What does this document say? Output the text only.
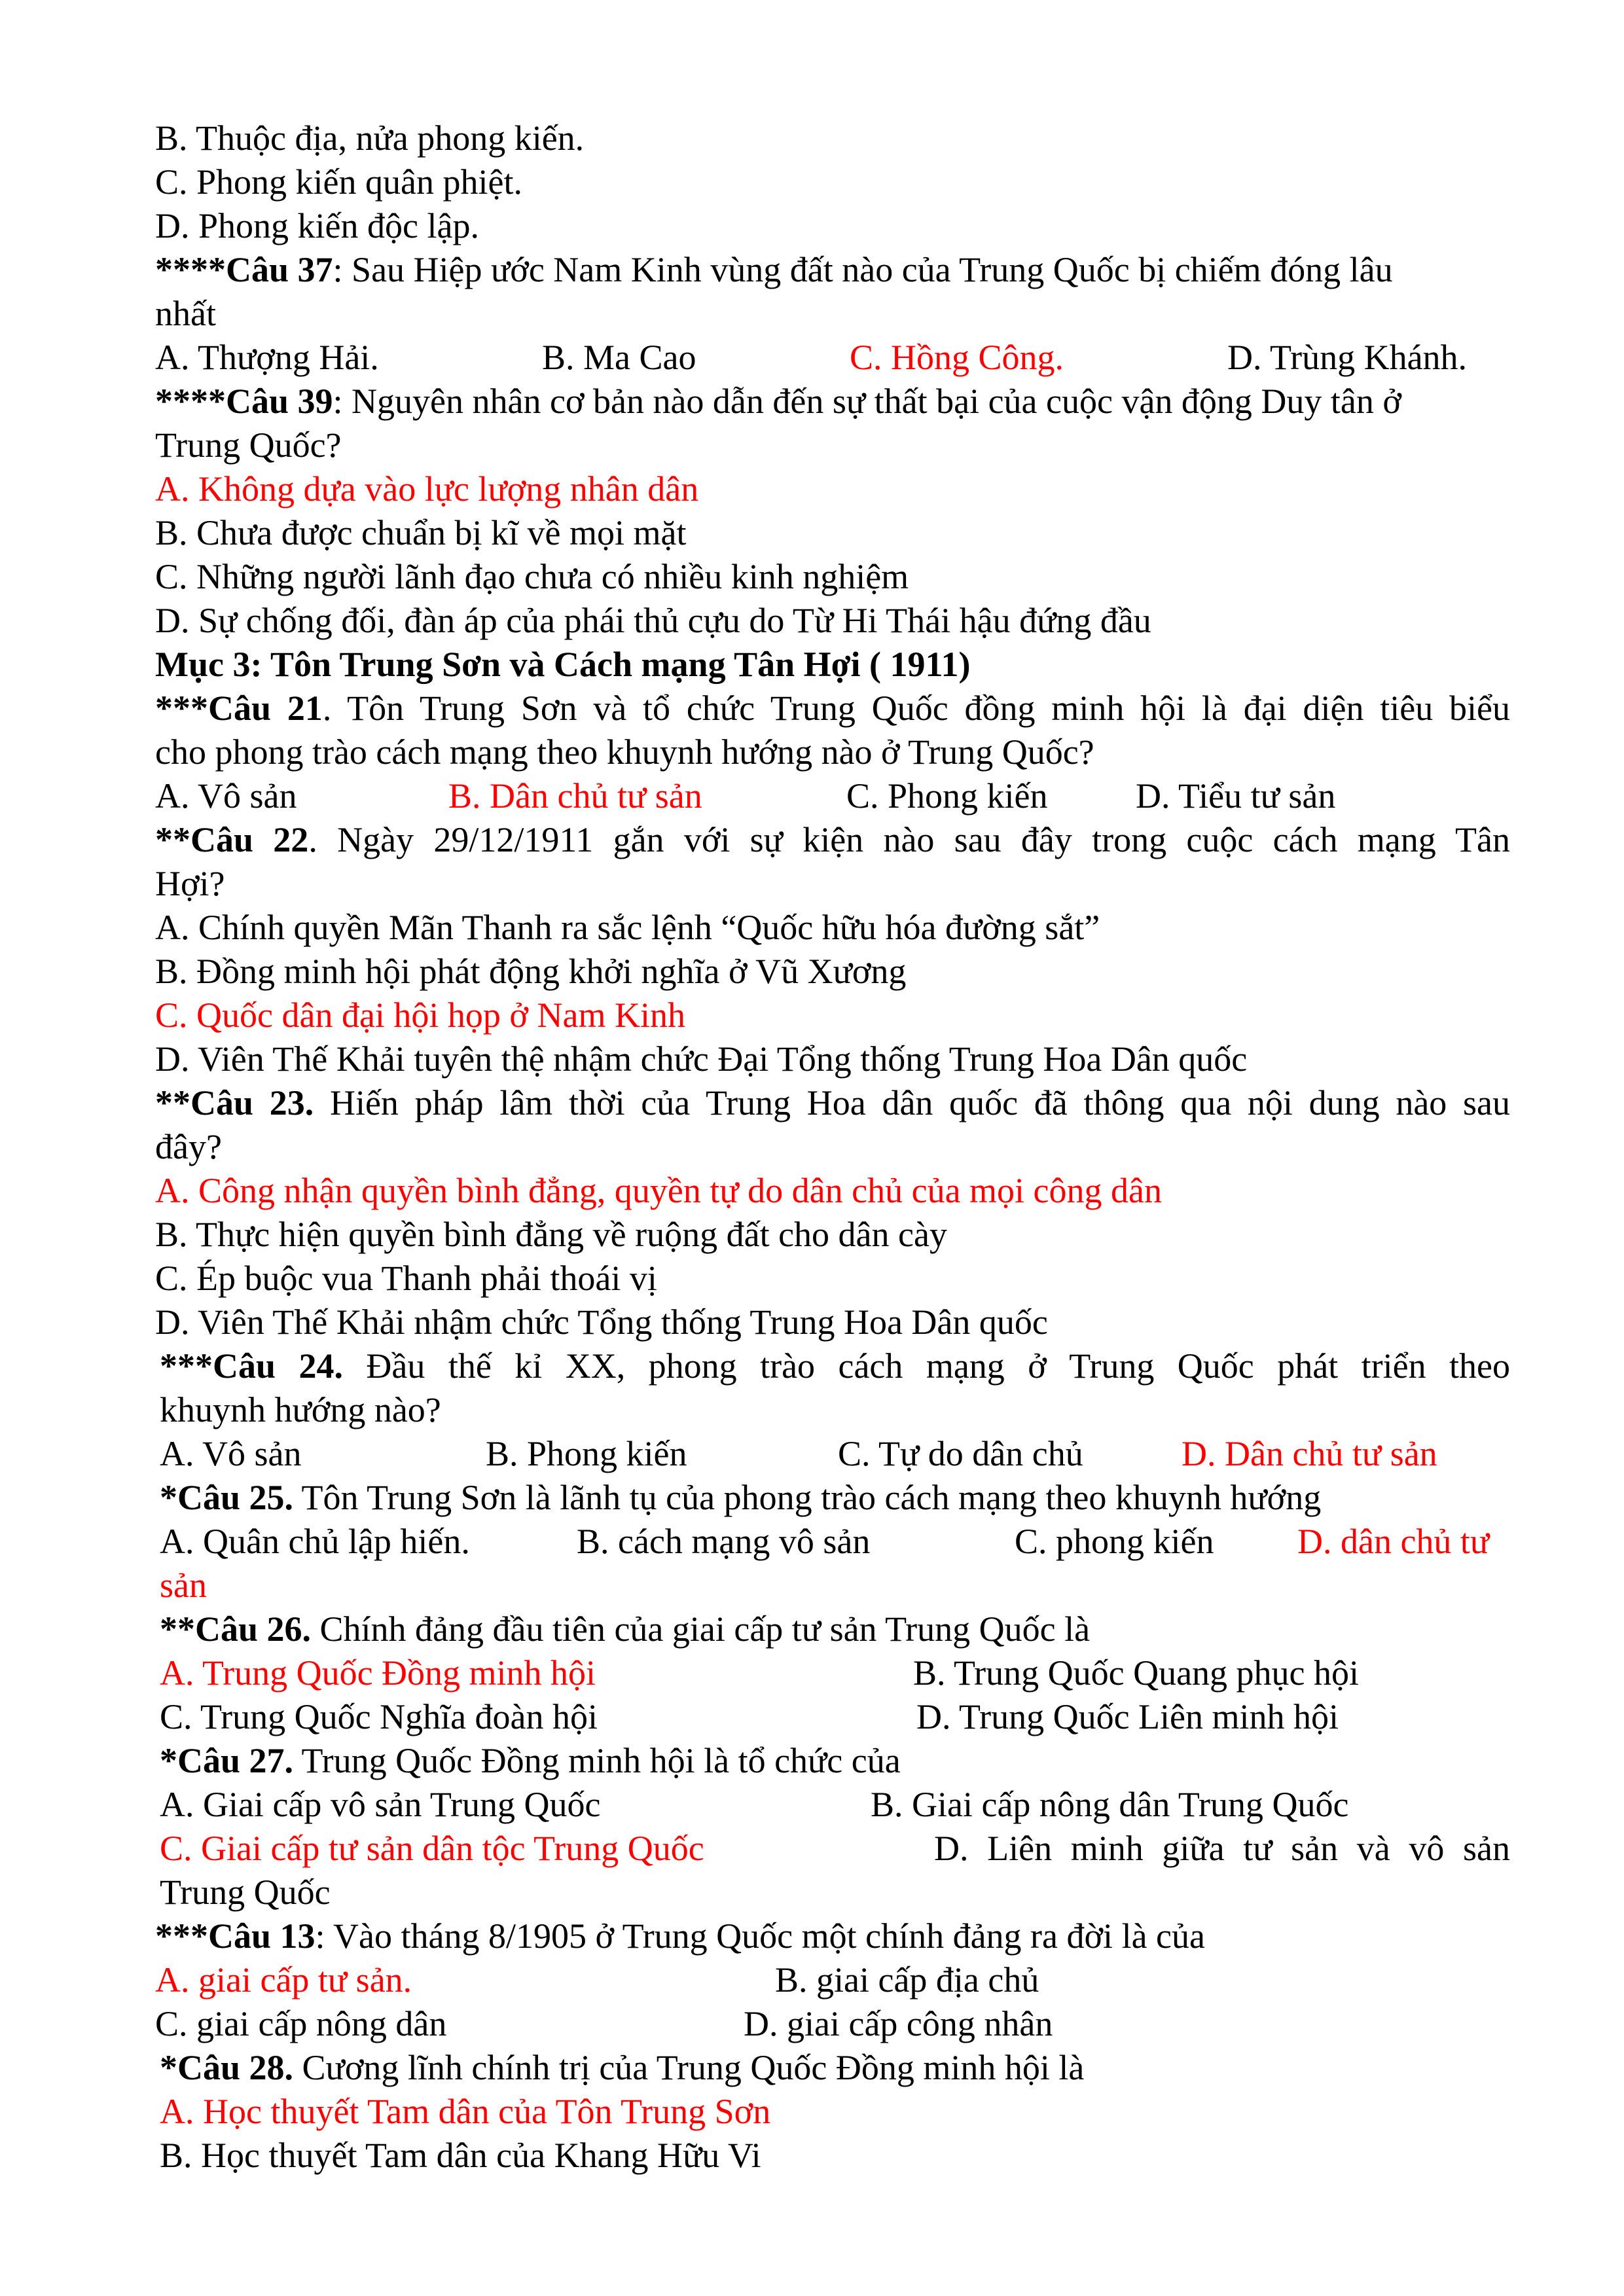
B. Thuộc địa, nửa phong kiến.
C. Phong kiến quân phiệt.
D. Phong kiến độc lập.
****Câu 37: Sau Hiệp ước Nam Kinh vùng đất nào của Trung Quốc bị chiếm đóng lâu
nhất
A. Thượng Hải.	B. Ma Cao	C. Hồng Công.	D. Trùng Khánh.
****Câu 39: Nguyên nhân cơ bản nào dẫn đến sự thất bại của cuộc vận động Duy tân ở
Trung Quốc?
A. Không dựa vào lực lượng nhân dân
B. Chưa được chuẩn bị kĩ về mọi mặt
C. Những người lãnh đạo chưa có nhiều kinh nghiệm
D. Sự chống đối, đàn áp của phái thủ cựu do Từ Hi Thái hậu đứng đầu
Mục 3: Tôn Trung Sơn và Cách mạng Tân Hợi ( 1911)
***Câu 21. Tôn Trung Sơn và tổ chức Trung Quốc đồng minh hội là đại diện tiêu biểu
cho phong trào cách mạng theo khuynh hướng nào ở Trung Quốc?
A. Vô sản	B. Dân chủ tư sản	C. Phong kiến D. Tiểu tư sản
**Câu 22. Ngày 29/12/1911 gắn với sự kiện nào sau đây trong cuộc cách mạng Tân
Hợi?
A. Chính quyền Mãn Thanh ra sắc lệnh “Quốc hữu hóa đường sắt”
B. Đồng minh hội phát động khởi nghĩa ở Vũ Xương
C. Quốc dân đại hội họp ở Nam Kinh
D. Viên Thế Khải tuyên thệ nhậm chức Đại Tổng thống Trung Hoa Dân quốc
**Câu 23. Hiến pháp lâm thời của Trung Hoa dân quốc đã thông qua nội dung nào sau
đây?
A. Công nhận quyền bình đẳng, quyền tự do dân chủ của mọi công dân
B. Thực hiện quyền bình đẳng về ruộng đất cho dân cày
C. Ép buộc vua Thanh phải thoái vị
D. Viên Thế Khải nhậm chức Tổng thống Trung Hoa Dân quốc
***Câu 24. Đầu thế kỉ XX, phong trào cách mạng ở Trung Quốc phát triển theo
khuynh hướng nào?
A. Vô sản	B. Phong kiến	C. Tự do dân chủ	D. Dân chủ tư sản
*Câu 25. Tôn Trung Sơn là lãnh tụ của phong trào cách mạng theo khuynh hướng
A. Quân chủ lập hiến.	B. cách mạng vô sản	C. phong kiến D. dân chủ tư
sản
**Câu 26. Chính đảng đầu tiên của giai cấp tư sản Trung Quốc là
A. Trung Quốc Đồng minh hội	B. Trung Quốc Quang phục hội
C. Trung Quốc Nghĩa đoàn hội	D. Trung Quốc Liên minh hội
*Câu 27. Trung Quốc Đồng minh hội là tổ chức của
A. Giai cấp vô sản Trung Quốc	B. Giai cấp nông dân Trung Quốc
C. Giai cấp tư sản dân tộc Trung Quốc	D. Liên minh giữa tư sản và vô sản
Trung Quốc
***Câu 13: Vào tháng 8/1905 ở Trung Quốc một chính đảng ra đời là của
A. giai cấp tư sản.	B. giai cấp địa chủ
C. giai cấp nông dân	D. giai cấp công nhân
*Câu 28. Cương lĩnh chính trị của Trung Quốc Đồng minh hội là
A. Học thuyết Tam dân của Tôn Trung Sơn
B. Học thuyết Tam dân của Khang Hữu Vi
